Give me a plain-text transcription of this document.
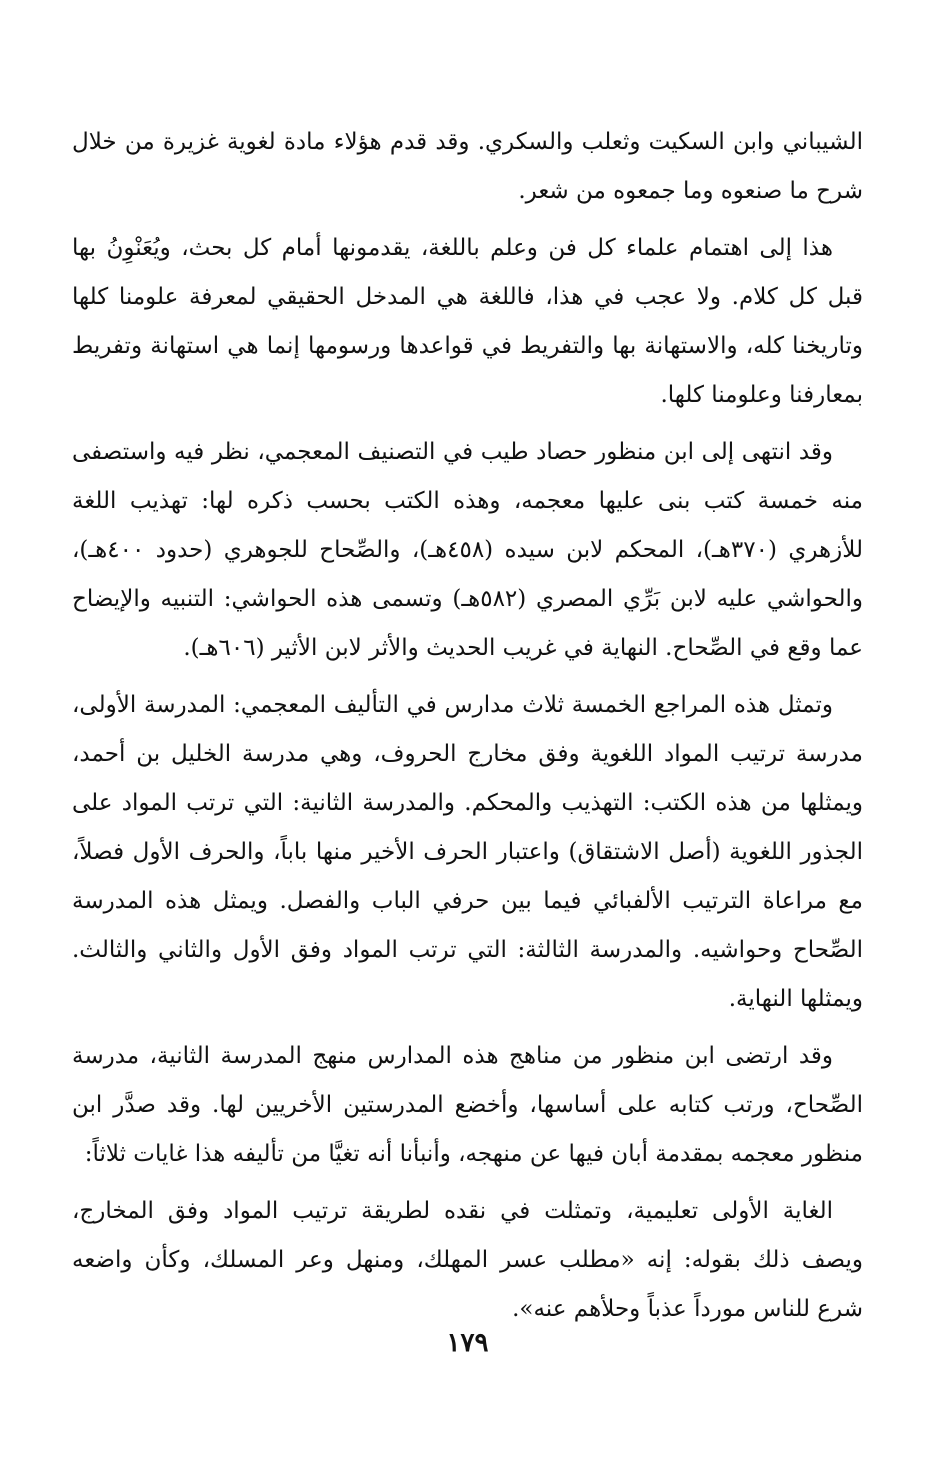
الشيباني وابن السكيت وثعلب والسكري. وقد قدم هؤلاء مادة لغوية غزيرة من خلال شرح ما صنعوه وما جمعوه من شعر.

هذا إلى اهتمام علماء كل فن وعلم باللغة، يقدمونها أمام كل بحث، ويُعَنْوِنُ بها قبل كل كلام. ولا عجب في هذا، فاللغة هي المدخل الحقيقي لمعرفة علومنا كلها وتاريخنا كله، والاستهانة بها والتفريط في قواعدها ورسومها إنما هي استهانة وتفريط بمعارفنا وعلومنا كلها.

وقد انتهى إلى ابن منظور حصاد طيب في التصنيف المعجمي، نظر فيه واستصفى منه خمسة كتب بنى عليها معجمه، وهذه الكتب بحسب ذكره لها: تهذيب اللغة للأزهري (٣٧٠هـ)، المحكم لابن سيده (٤٥٨هـ)، والصِّحاح للجوهري (حدود ٤٠٠هـ)، والحواشي عليه لابن بَرِّي المصري (٥٨٢هـ) وتسمى هذه الحواشي: التنبيه والإيضاح عما وقع في الصِّحاح. النهاية في غريب الحديث والأثر لابن الأثير (٦٠٦هـ).

وتمثل هذه المراجع الخمسة ثلاث مدارس في التأليف المعجمي: المدرسة الأولى، مدرسة ترتيب المواد اللغوية وفق مخارج الحروف، وهي مدرسة الخليل بن أحمد، ويمثلها من هذه الكتب: التهذيب والمحكم. والمدرسة الثانية: التي ترتب المواد على الجذور اللغوية (أصل الاشتقاق) واعتبار الحرف الأخير منها باباً، والحرف الأول فصلاً، مع مراعاة الترتيب الألفبائي فيما بين حرفي الباب والفصل. ويمثل هذه المدرسة الصِّحاح وحواشيه. والمدرسة الثالثة: التي ترتب المواد وفق الأول والثاني والثالث. ويمثلها النهاية.

وقد ارتضى ابن منظور من مناهج هذه المدارس منهج المدرسة الثانية، مدرسة الصِّحاح، ورتب كتابه على أساسها، وأخضع المدرستين الأخريين لها. وقد صدَّر ابن منظور معجمه بمقدمة أبان فيها عن منهجه، وأنبأنا أنه تغيَّا من تأليفه هذا غايات ثلاثاً:

الغاية الأولى تعليمية، وتمثلت في نقده لطريقة ترتيب المواد وفق المخارج، ويصف ذلك بقوله: إنه «مطلب عسر المهلك، ومنهل وعر المسلك، وكأن واضعه شرع للناس مورداً عذباً وحلأهم عنه».

١٧٩
